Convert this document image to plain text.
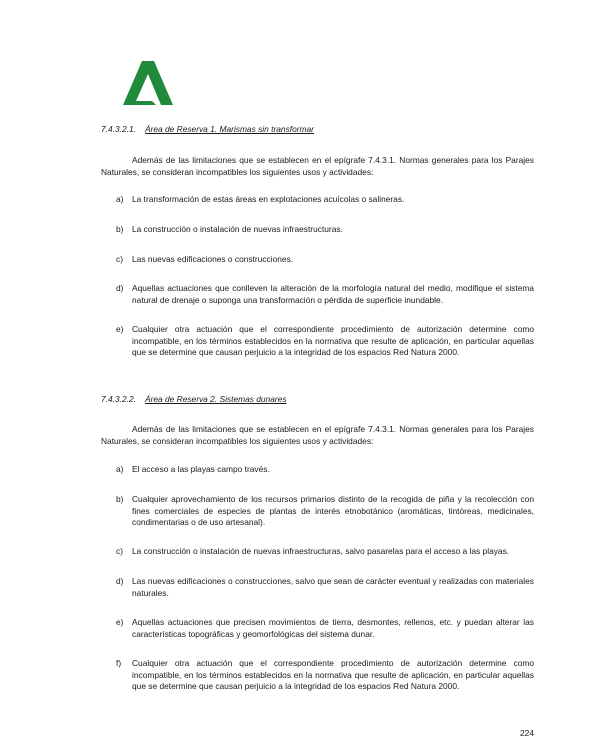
7.4.3.2.1. Área de Reserva 1. Marismas sin transformar
Además de las limitaciones que se establecen en el epígrafe 7.4.3.1. Normas generales para los Parajes Naturales, se consideran incompatibles los siguientes usos y actividades:
a)	La transformación de estas áreas en explotaciones acuícolas o salineras.
b)	La construcción o instalación de nuevas infraestructuras.
c)	Las nuevas edificaciones o construcciones.
d)	Aquellas actuaciones que conlleven la alteración de la morfología natural del medio, modifique el sistema natural de drenaje o suponga una transformación o pérdida de superficie inundable.
e)	Cualquier otra actuación que el correspondiente procedimiento de autorización determine como incompatible, en los términos establecidos en la normativa que resulte de aplicación, en particular aquellas que se determine que causan perjuicio a la integridad de los espacios Red Natura 2000.
7.4.3.2.2. Área de Reserva 2. Sistemas dunares
Además de las limitaciones que se establecen en el epígrafe 7.4.3.1. Normas generales para los Parajes Naturales, se consideran incompatibles los siguientes usos y actividades:
a)	El acceso a las playas campo través.
b)	Cualquier aprovechamiento de los recursos primarios distinto de la recogida de piña y la recolección con fines comerciales de especies de plantas de interés etnobotánico (aromáticas, tintóreas, medicinales, condimentarias o de uso artesanal).
c)	La construcción o instalación de nuevas infraestructuras, salvo pasarelas para el acceso a las playas.
d)	Las nuevas edificaciones o construcciones, salvo que sean de carácter eventual y realizadas con materiales naturales.
e)	Aquellas actuaciones que precisen movimientos de tierra, desmontes, rellenos, etc. y puedan alterar las características topográficas y geomorfológicas del sistema dunar.
f)	Cualquier otra actuación que el correspondiente procedimiento de autorización determine como incompatible, en los términos establecidos en la normativa que resulte de aplicación, en particular aquellas que se determine que causan perjuicio a la integridad de los espacios Red Natura 2000.
224
